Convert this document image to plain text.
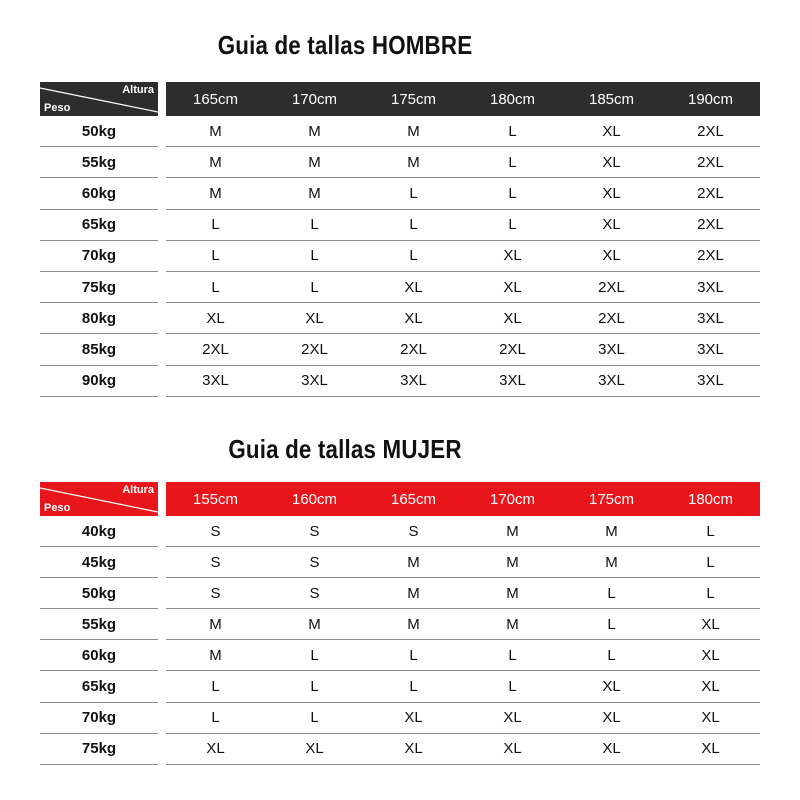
Guia de tallas HOMBRE
Altura
Peso
165cm	170cm	175cm	180cm	185cm	190cm
50kg	M	M	M	L	XL	2XL
55kg	M	M	M	L	XL	2XL
60kg	M	M	L	L	XL	2XL
65kg	L	L	L	L	XL	2XL
70kg	L	L	L	XL	XL	2XL
75kg	L	L	XL	XL	2XL	3XL
80kg	XL	XL	XL	XL	2XL	3XL
85kg	2XL	2XL	2XL	2XL	3XL	3XL
90kg	3XL	3XL	3XL	3XL	3XL	3XL
Guia de tallas MUJER
Altura
Peso
155cm	160cm	165cm	170cm	175cm	180cm
40kg	S	S	S	M	M	L
45kg	S	S	M	M	M	L
50kg	S	S	M	M	L	L
55kg	M	M	M	M	L	XL
60kg	M	L	L	L	L	XL
65kg	L	L	L	L	XL	XL
70kg	L	L	XL	XL	XL	XL
75kg	XL	XL	XL	XL	XL	XL
